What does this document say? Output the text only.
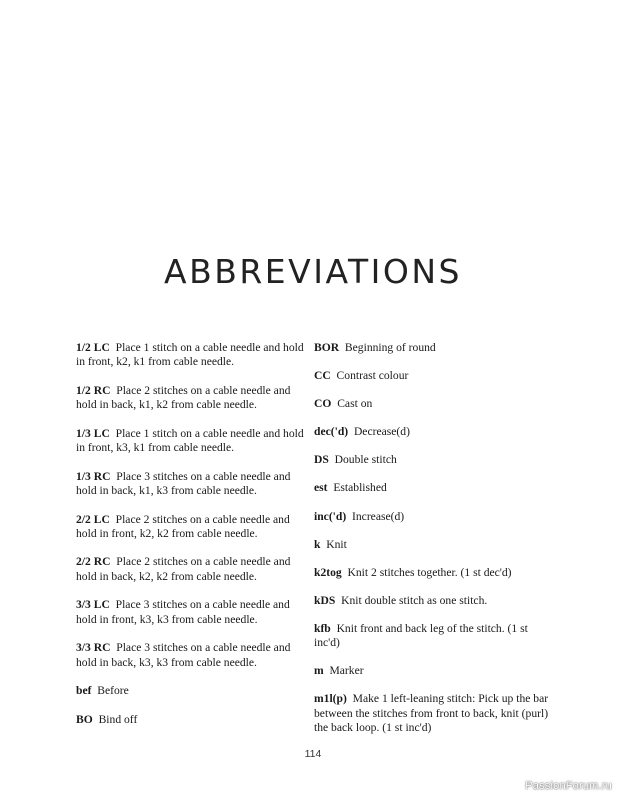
ABBREVIATIONS

1/2 LC Place 1 stitch on a cable needle and hold in front, k2, k1 from cable needle.

1/2 RC Place 2 stitches on a cable needle and hold in back, k1, k2 from cable needle.

1/3 LC Place 1 stitch on a cable needle and hold in front, k3, k1 from cable needle.

1/3 RC Place 3 stitches on a cable needle and hold in back, k1, k3 from cable needle.

2/2 LC Place 2 stitches on a cable needle and hold in front, k2, k2 from cable needle.

2/2 RC Place 2 stitches on a cable needle and hold in back, k2, k2 from cable needle.

3/3 LC Place 3 stitches on a cable needle and hold in front, k3, k3 from cable needle.

3/3 RC Place 3 stitches on a cable needle and hold in back, k3, k3 from cable needle.

bef Before

BO Bind off

BOR Beginning of round

CC Contrast colour

CO Cast on

dec('d) Decrease(d)

DS Double stitch

est Established

inc('d) Increase(d)

k Knit

k2tog Knit 2 stitches together. (1 st dec'd)

kDS Knit double stitch as one stitch.

kfb Knit front and back leg of the stitch. (1 st inc'd)

m Marker

m1l(p) Make 1 left-leaning stitch: Pick up the bar between the stitches from front to back, knit (purl) the back loop. (1 st inc'd)

114
PassionForum.ru
